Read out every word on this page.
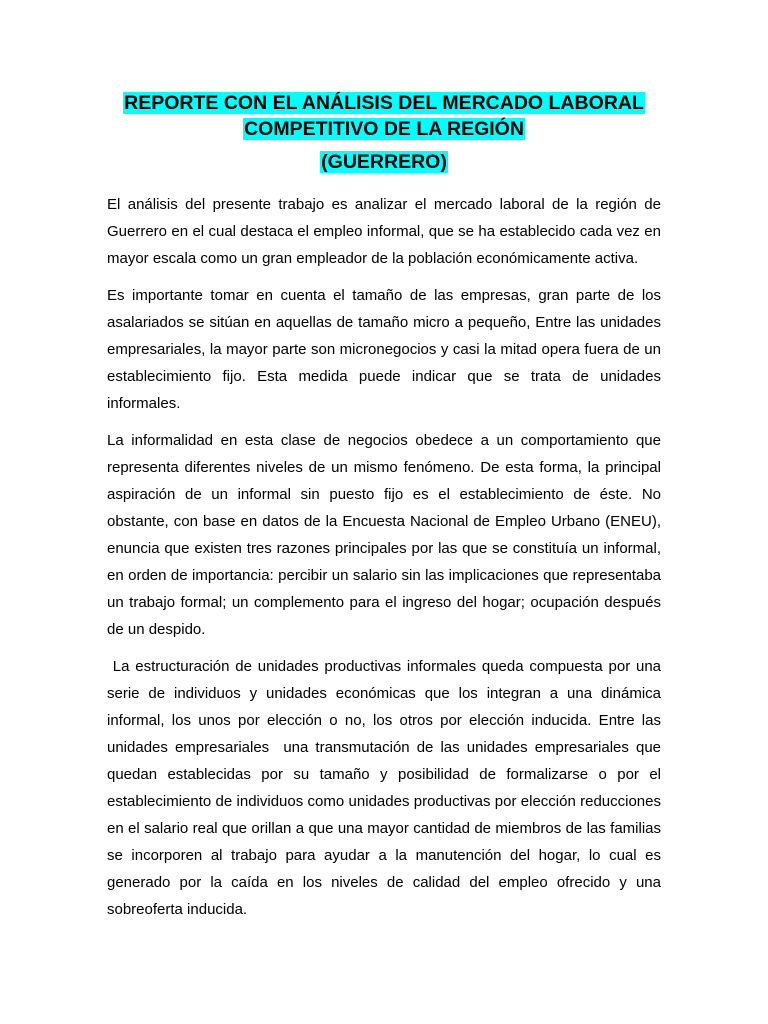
REPORTE CON EL ANÁLISIS DEL MERCADO LABORAL
COMPETITIVO DE LA REGIÓN
(GUERRERO)

El análisis del presente trabajo es analizar el mercado laboral de la región de Guerrero en el cual destaca el empleo informal, que se ha establecido cada vez en mayor escala como un gran empleador de la población económicamente activa.

Es importante tomar en cuenta el tamaño de las empresas, gran parte de los asalariados se sitúan en aquellas de tamaño micro a pequeño, Entre las unidades empresariales, la mayor parte son micronegocios y casi la mitad opera fuera de un establecimiento fijo. Esta medida puede indicar que se trata de unidades informales.

La informalidad en esta clase de negocios obedece a un comportamiento que representa diferentes niveles de un mismo fenómeno. De esta forma, la principal aspiración de un informal sin puesto fijo es el establecimiento de éste. No obstante, con base en datos de la Encuesta Nacional de Empleo Urbano (ENEU), enuncia que existen tres razones principales por las que se constituía un informal, en orden de importancia: percibir un salario sin las implicaciones que representaba un trabajo formal; un complemento para el ingreso del hogar; ocupación después de un despido.

La estructuración de unidades productivas informales queda compuesta por una serie de individuos y unidades económicas que los integran a una dinámica informal, los unos por elección o no, los otros por elección inducida. Entre las unidades empresariales  una transmutación de las unidades empresariales que quedan establecidas por su tamaño y posibilidad de formalizarse o por el establecimiento de individuos como unidades productivas por elección reducciones en el salario real que orillan a que una mayor cantidad de miembros de las familias se incorporen al trabajo para ayudar a la manutención del hogar, lo cual es generado por la caída en los niveles de calidad del empleo ofrecido y una sobreoferta inducida.
